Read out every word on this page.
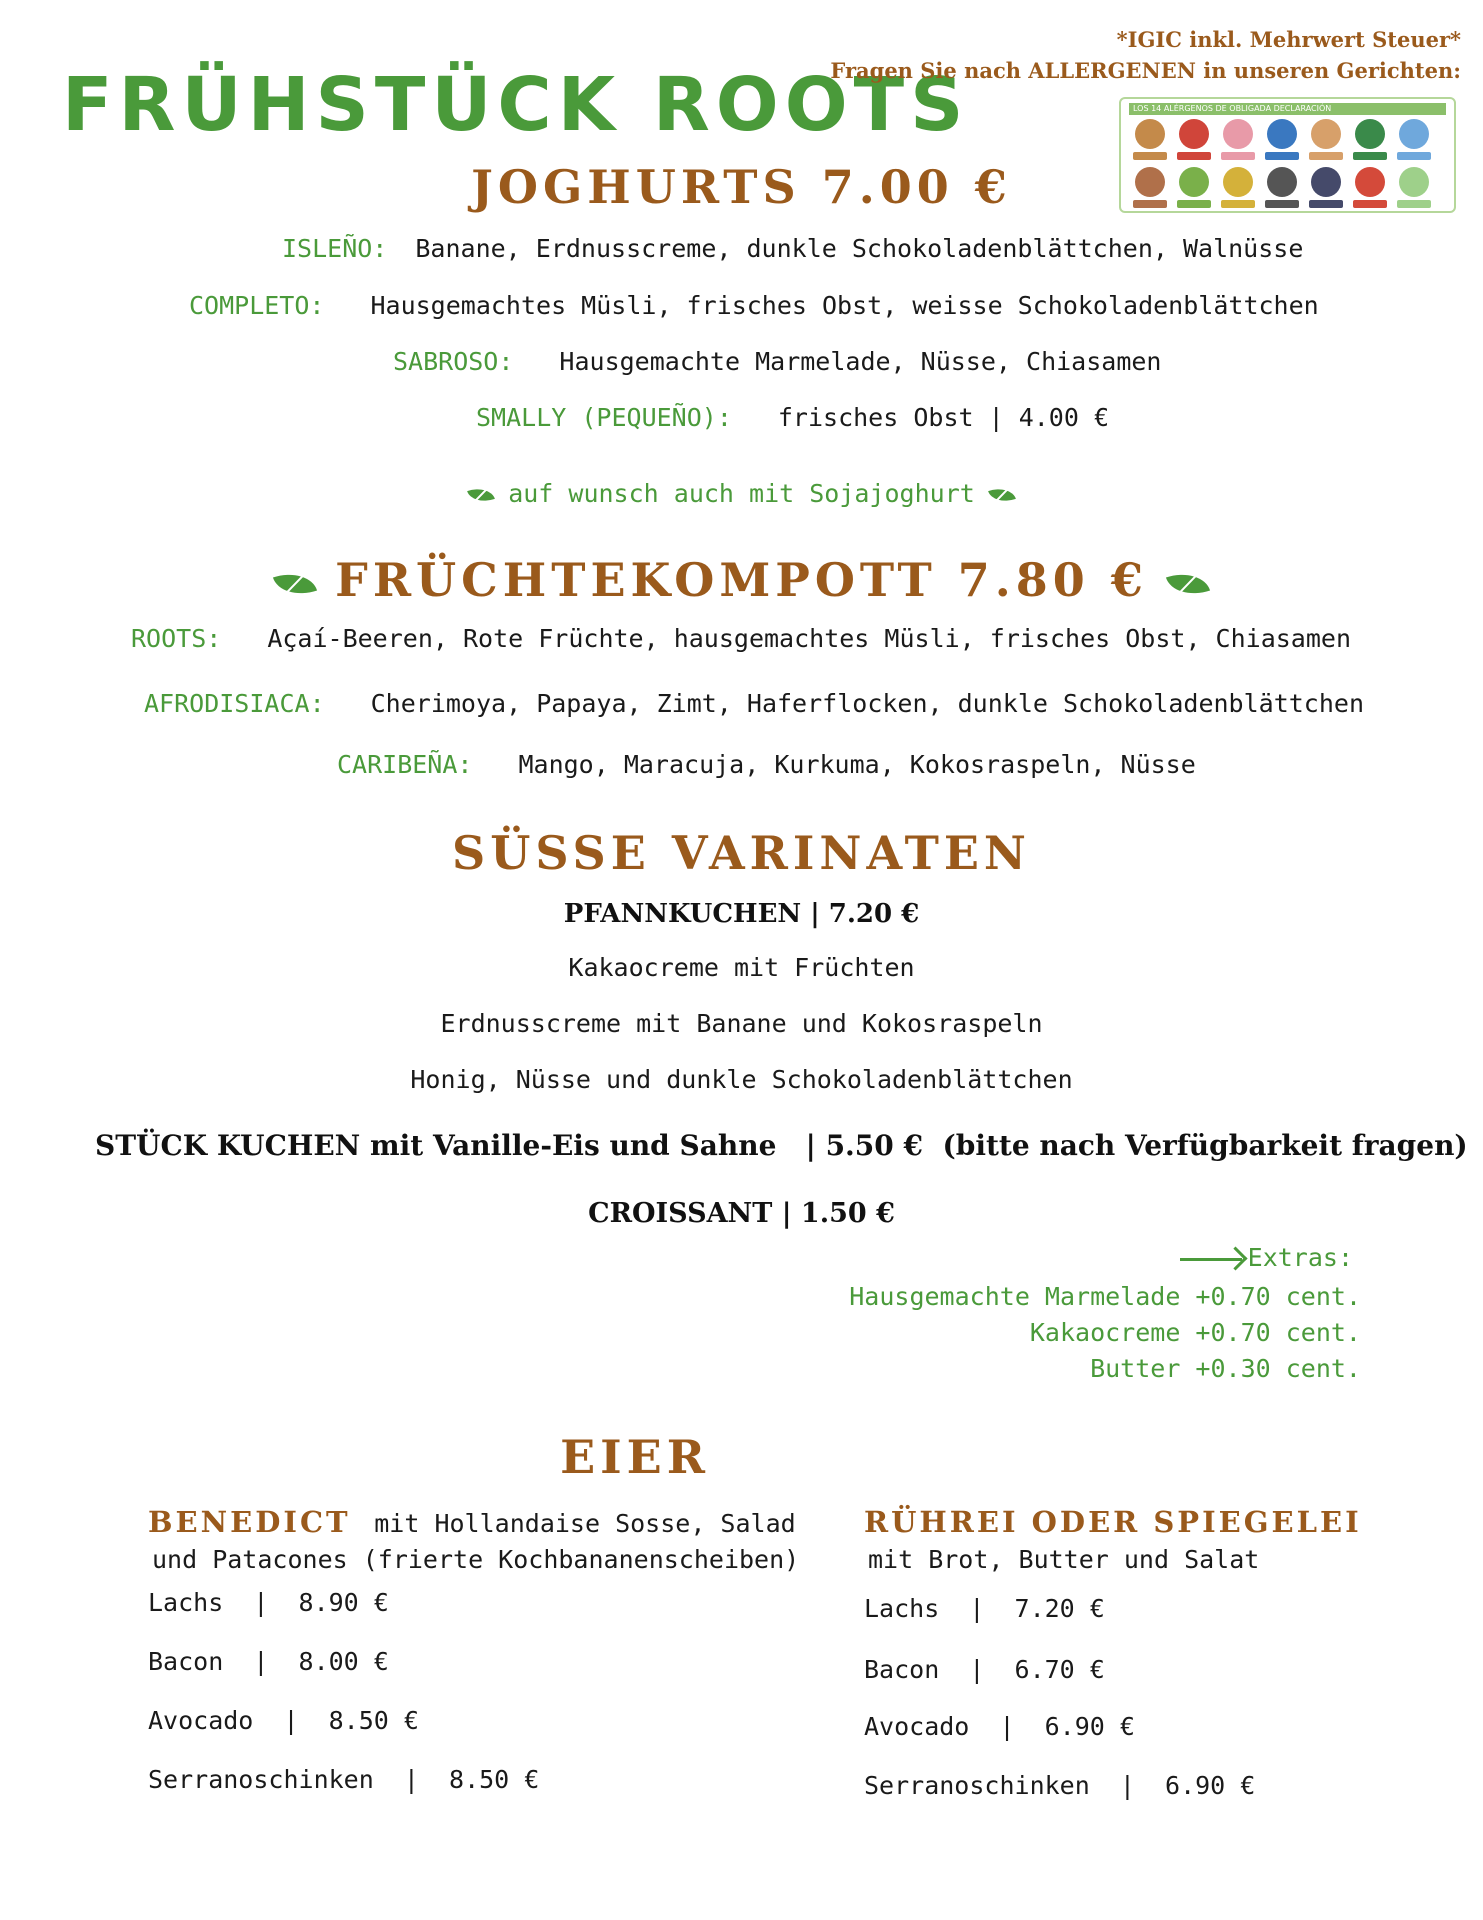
FRÜHSTÜCK ROOTS
*IGIC inkl. Mehrwert Steuer*
Fragen Sie nach ALLERGENEN in unseren Gerichten:
LOS 14 ALÉRGENOS DE OBLIGADA DECLARACIÓN
JOGHURTS 7.00 €
ISLEÑO: Banane, Erdnusscreme, dunkle Schokoladenblättchen, Walnüsse
COMPLETO: Hausgemachtes Müsli, frisches Obst, weisse Schokoladenblättchen
SABROSO: Hausgemachte Marmelade, Nüsse, Chiasamen
SMALLY (PEQUEÑO): frisches Obst | 4.00 €
auf wunsch auch mit Sojajoghurt
FRÜCHTEKOMPOTT 7.80 €
ROOTS: Açaí-Beeren, Rote Früchte, hausgemachtes Müsli, frisches Obst, Chiasamen
AFRODISIACA: Cherimoya, Papaya, Zimt, Haferflocken, dunkle Schokoladenblättchen
CARIBEÑA: Mango, Maracuja, Kurkuma, Kokosraspeln, Nüsse
SÜSSE VARINATEN
PFANNKUCHEN | 7.20 €
Kakaocreme mit Früchten
Erdnusscreme mit Banane und Kokosraspeln
Honig, Nüsse und dunkle Schokoladenblättchen
STÜCK KUCHEN mit Vanille-Eis und Sahne   | 5.50 €  (bitte nach Verfügbarkeit fragen)
CROISSANT | 1.50 €
Extras:
Hausgemachte Marmelade +0.70 cent.
Kakaocreme +0.70 cent.
Butter +0.30 cent.
EIER
BENEDICT mit Hollandaise Sosse, Salad
und Patacones (frierte Kochbananenscheiben)
Lachs  |  8.90 €
Bacon  |  8.00 €
Avocado  |  8.50 €
Serranoschinken  |  8.50 €
RÜHREI ODER SPIEGELEI
mit Brot, Butter und Salat
Lachs  |  7.20 €
Bacon  |  6.70 €
Avocado  |  6.90 €
Serranoschinken  |  6.90 €
